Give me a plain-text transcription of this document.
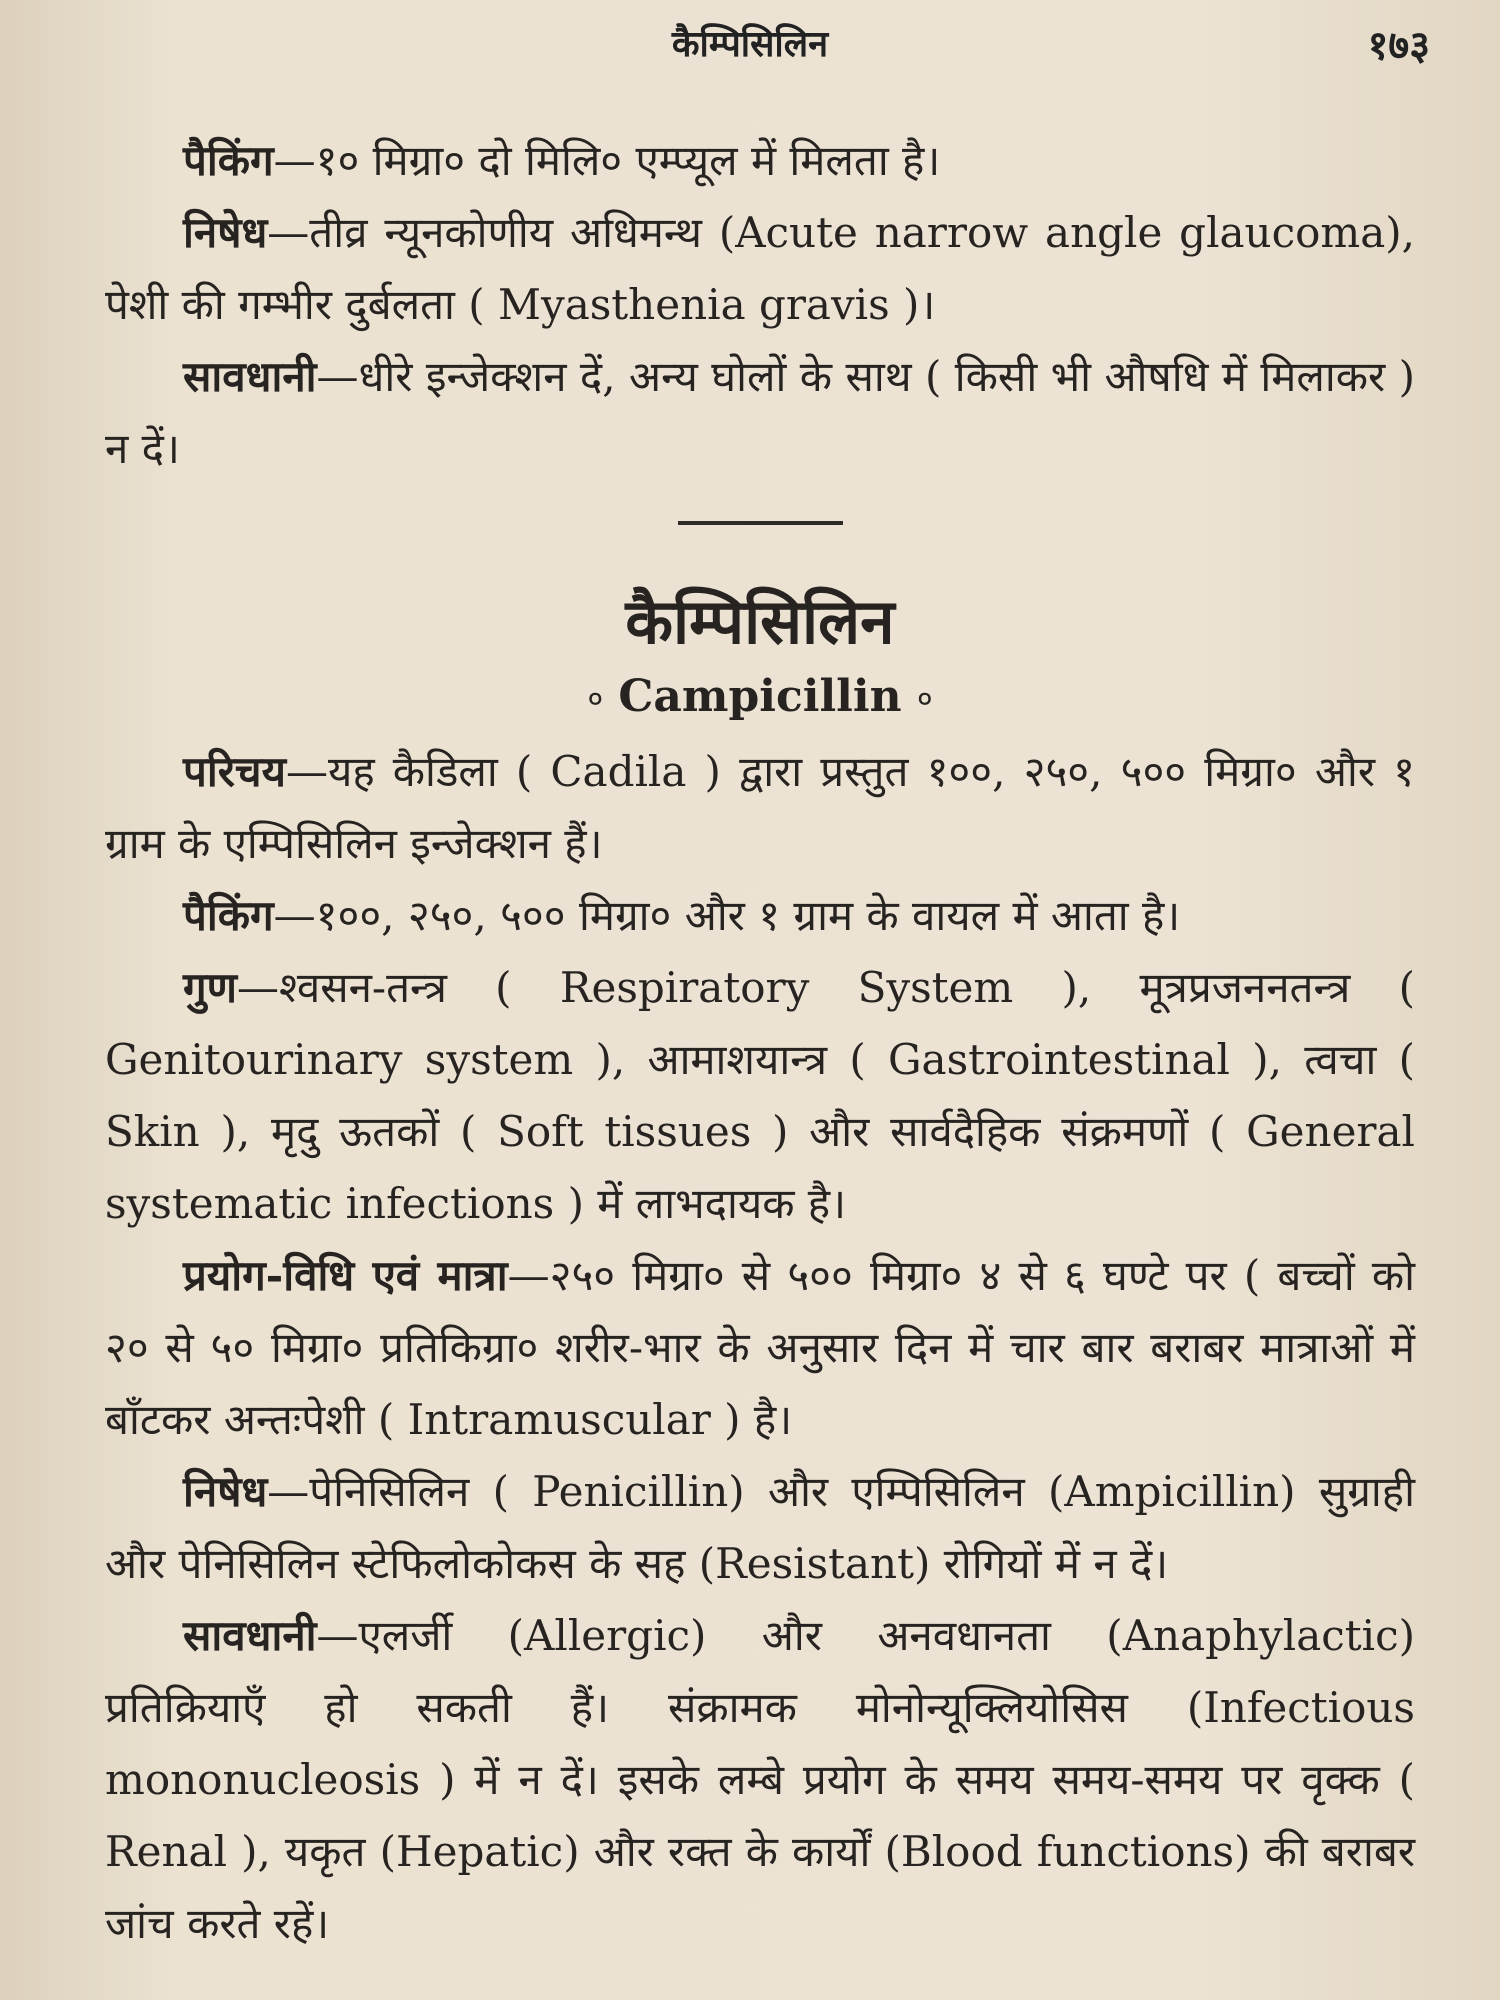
कैम्पिसिलिन	१७३

पैकिंग—१० मिग्रा० दो मिलि० एम्प्यूल में मिलता है।

निषेध—तीव्र न्यूनकोणीय अधिमन्थ (Acute narrow angle glaucoma), पेशी की गम्भीर दुर्बलता ( Myasthenia gravis )।

सावधानी—धीरे इन्जेक्शन दें, अन्य घोलों के साथ ( किसी भी औषधि में मिलाकर ) न दें।

कैम्पिसिलिन
० Campicillin ०

परिचय—यह कैडिला ( Cadila ) द्वारा प्रस्तुत १००, २५०, ५०० मिग्रा० और १ ग्राम के एम्पिसिलिन इन्जेक्शन हैं।

पैकिंग—१००, २५०, ५०० मिग्रा० और १ ग्राम के वायल में आता है।

गुण—श्वसन-तन्त्र ( Respiratory System ), मूत्रप्रजननतन्त्र ( Genitourinary system ), आमाशयान्त्र ( Gastrointestinal ), त्वचा ( Skin ), मृदु ऊतकों ( Soft tissues ) और सार्वदैहिक संक्रमणों ( General systematic infections ) में लाभदायक है।

प्रयोग-विधि एवं मात्रा—२५० मिग्रा० से ५०० मिग्रा० ४ से ६ घण्टे पर ( बच्चों को २० से ५० मिग्रा० प्रतिकिग्रा० शरीर-भार के अनुसार दिन में चार बार बराबर मात्राओं में बाँटकर अन्तःपेशी ( Intramuscular ) है।

निषेध—पेनिसिलिन ( Penicillin) और एम्पिसिलिन (Ampicillin) सुग्राही और पेनिसिलिन स्टेफिलोकोकस के सह (Resistant) रोगियों में न दें।

सावधानी—एलर्जी (Allergic) और अनवधानता (Anaphylactic) प्रतिक्रियाएँ हो सकती हैं। संक्रामक मोनोन्यूक्लियोसिस (Infectious mononucleosis ) में न दें। इसके लम्बे प्रयोग के समय समय-समय पर वृक्क ( Renal ), यकृत (Hepatic) और रक्त के कार्यों (Blood functions) की बराबर जांच करते रहें।
